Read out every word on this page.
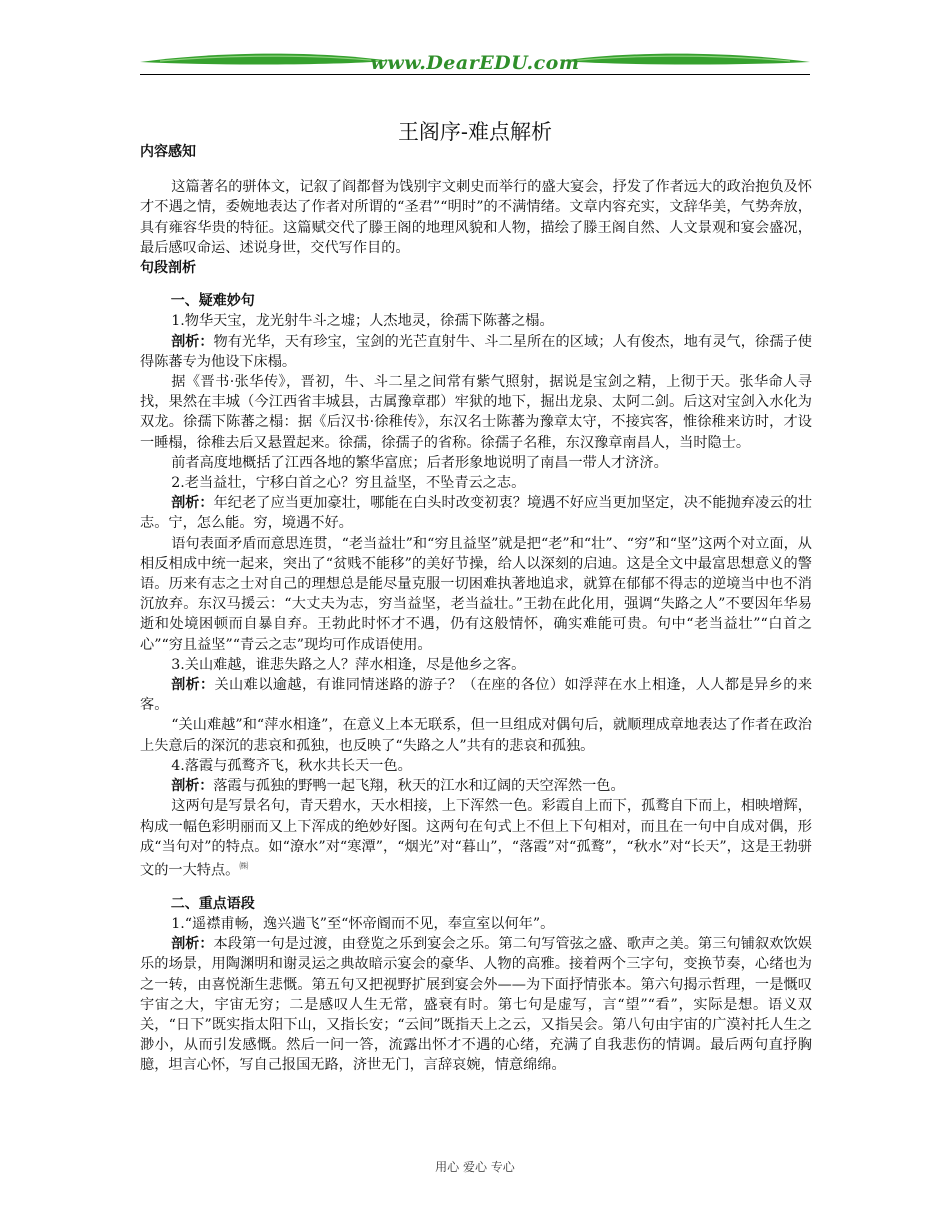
www.DearEDU.com
王阁序-难点解析

内容感知

这篇著名的骈体文，记叙了阎都督为饯别宇文刺史而举行的盛大宴会，抒发了作者远大的政治抱负及怀才不遇之情，委婉地表达了作者对所谓的“圣君”“明时”的不满情绪。文章内容充实，文辞华美，气势奔放，具有雍容华贵的特征。这篇赋交代了滕王阁的地理风貌和人物，描绘了滕王阁自然、人文景观和宴会盛况，最后感叹命运、述说身世，交代写作目的。

句段剖析

一、疑难妙句

1.物华天宝，龙光射牛斗之墟；人杰地灵，徐孺下陈蕃之榻。

剖析：物有光华，天有珍宝，宝剑的光芒直射牛、斗二星所在的区域；人有俊杰，地有灵气，徐孺子使得陈蕃专为他设下床榻。

据《晋书·张华传》，晋初，牛、斗二星之间常有紫气照射，据说是宝剑之精，上彻于天。张华命人寻找，果然在丰城（今江西省丰城县，古属豫章郡）牢狱的地下，掘出龙泉、太阿二剑。后这对宝剑入水化为双龙。徐孺下陈蕃之榻：据《后汉书·徐稚传》，东汉名士陈蕃为豫章太守，不接宾客，惟徐稚来访时，才设一睡榻，徐稚去后又悬置起来。徐孺，徐孺子的省称。徐孺子名稚，东汉豫章南昌人，当时隐士。

前者高度地概括了江西各地的繁华富庶；后者形象地说明了南昌一带人才济济。

2.老当益壮，宁移白首之心？穷且益坚，不坠青云之志。

剖析：年纪老了应当更加豪壮，哪能在白头时改变初衷？境遇不好应当更加坚定，决不能抛弃凌云的壮志。宁，怎么能。穷，境遇不好。

语句表面矛盾而意思连贯，“老当益壮”和“穷且益坚”就是把“老”和“壮”、“穷”和“坚”这两个对立面，从相反相成中统一起来，突出了“贫贱不能移”的美好节操，给人以深刻的启迪。这是全文中最富思想意义的警语。历来有志之士对自己的理想总是能尽量克服一切困难执著地追求，就算在郁郁不得志的逆境当中也不消沉放弃。东汉马援云：“大丈夫为志，穷当益坚，老当益壮。”王勃在此化用，强调“失路之人”不要因年华易逝和处境困顿而自暴自弃。王勃此时怀才不遇，仍有这般情怀，确实难能可贵。句中“老当益壮”“白首之心”“穷且益坚”“青云之志”现均可作成语使用。

3.关山难越，谁悲失路之人？萍水相逢，尽是他乡之客。

剖析：关山难以逾越，有谁同情迷路的游子？（在座的各位）如浮萍在水上相逢，人人都是异乡的来客。

“关山难越”和“萍水相逢”，在意义上本无联系，但一旦组成对偶句后，就顺理成章地表达了作者在政治上失意后的深沉的悲哀和孤独，也反映了“失路之人”共有的悲哀和孤独。

4.落霞与孤鹜齐飞，秋水共长天一色。

剖析：落霞与孤独的野鸭一起飞翔，秋天的江水和辽阔的天空浑然一色。

这两句是写景名句，青天碧水，天水相接，上下浑然一色。彩霞自上而下，孤鹜自下而上，相映增辉，构成一幅色彩明丽而又上下浑成的绝妙好图。这两句在句式上不但上下句相对，而且在一句中自成对偶，形成“当句对”的特点。如“潦水”对“寒潭”，“烟光”对“暮山”，“落霞”对“孤鹜”，“秋水”对“长天”，这是王勃骈文的一大特点。㈱

二、重点语段

1.“遥襟甫畅，逸兴遄飞”至“怀帝阍而不见，奉宣室以何年”。

剖析：本段第一句是过渡，由登览之乐到宴会之乐。第二句写管弦之盛、歌声之美。第三句铺叙欢饮娱乐的场景，用陶渊明和谢灵运之典故暗示宴会的豪华、人物的高雅。接着两个三字句，变换节奏，心绪也为之一转，由喜悦渐生悲慨。第五句又把视野扩展到宴会外——为下面抒情张本。第六句揭示哲理，一是慨叹宇宙之大，宇宙无穷；二是感叹人生无常，盛衰有时。第七句是虚写，言“望”“看”，实际是想。语义双关，“日下”既实指太阳下山，又指长安；“云间”既指天上之云，又指吴会。第八句由宇宙的广漠衬托人生之渺小，从而引发感慨。然后一问一答，流露出怀才不遇的心绪，充满了自我悲伤的情调。最后两句直抒胸臆，坦言心怀，写自己报国无路，济世无门，言辞哀婉，情意绵绵。

用心 爱心 专心
